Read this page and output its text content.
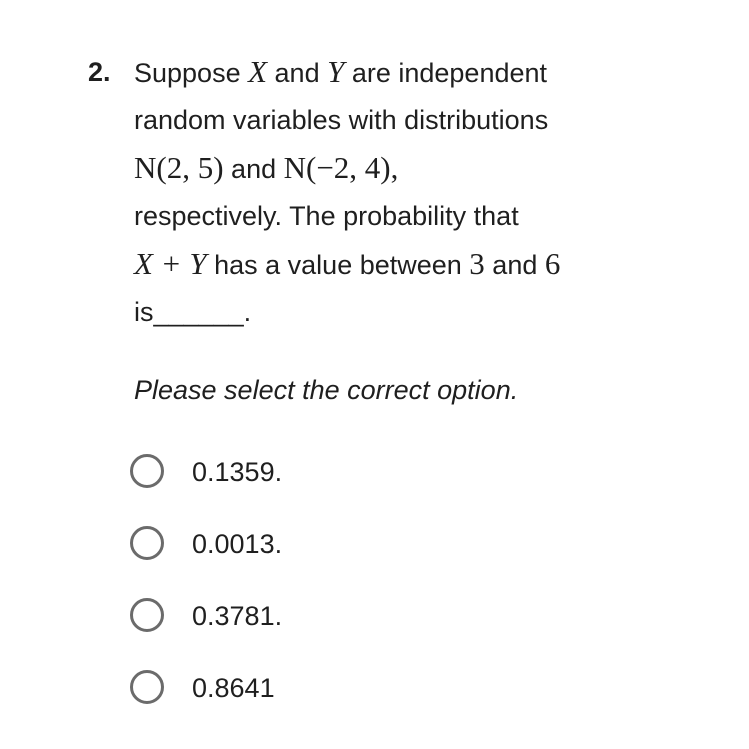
2. Suppose X and Y are independent
random variables with distributions
N(2, 5) and N(−2, 4),
respectively. The probability that
X + Y has a value between 3 and 6
is______.
Please select the correct option.
0.1359.
0.0013.
0.3781.
0.8641
